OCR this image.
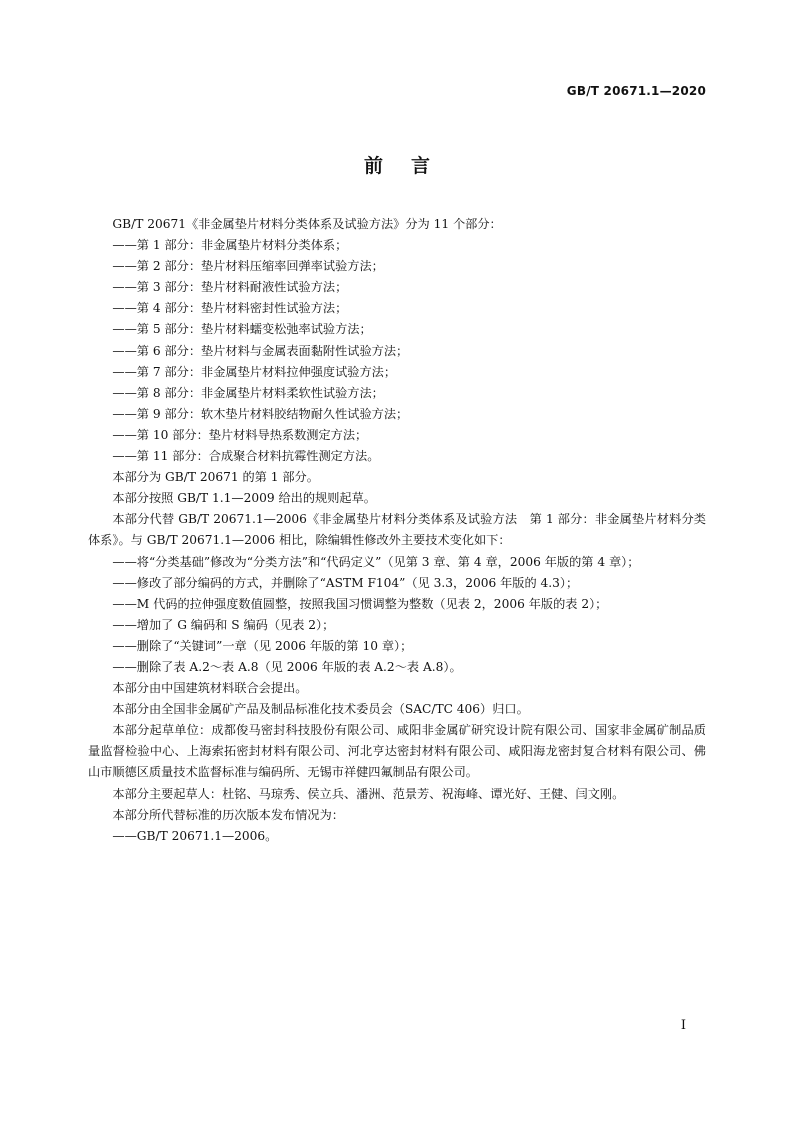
GB/T 20671.1—2020
前言

GB/T 20671《非金属垫片材料分类体系及试验方法》分为 11 个部分：

——第 1 部分：非金属垫片材料分类体系；

——第 2 部分：垫片材料压缩率回弹率试验方法；

——第 3 部分：垫片材料耐液性试验方法；

——第 4 部分：垫片材料密封性试验方法；

——第 5 部分：垫片材料蠕变松弛率试验方法；

——第 6 部分：垫片材料与金属表面黏附性试验方法；

——第 7 部分：非金属垫片材料拉伸强度试验方法；

——第 8 部分：非金属垫片材料柔软性试验方法；

——第 9 部分：软木垫片材料胶结物耐久性试验方法；

——第 10 部分：垫片材料导热系数测定方法；

——第 11 部分：合成聚合材料抗霉性测定方法。

本部分为 GB/T 20671 的第 1 部分。

本部分按照 GB/T 1.1—2009 给出的规则起草。

本部分代替 GB/T 20671.1—2006《非金属垫片材料分类体系及试验方法　第 1 部分：非金属垫片材料分类体系》。与 GB/T 20671.1—2006 相比，除编辑性修改外主要技术变化如下：

——将“分类基础”修改为“分类方法”和“代码定义”（见第 3 章、第 4 章，2006 年版的第 4 章）；

——修改了部分编码的方式，并删除了“ASTM F104”（见 3.3，2006 年版的 4.3）；

——M 代码的拉伸强度数值圆整，按照我国习惯调整为整数（见表 2，2006 年版的表 2）；

——增加了 G 编码和 S 编码（见表 2）；

——删除了“关键词”一章（见 2006 年版的第 10 章）；

——删除了表 A.2～表 A.8（见 2006 年版的表 A.2～表 A.8）。

本部分由中国建筑材料联合会提出。

本部分由全国非金属矿产品及制品标准化技术委员会（SAC/TC 406）归口。

本部分起草单位：成都俊马密封科技股份有限公司、咸阳非金属矿研究设计院有限公司、国家非金属矿制品质量监督检验中心、上海索拓密封材料有限公司、河北亨达密封材料有限公司、咸阳海龙密封复合材料有限公司、佛山市顺德区质量技术监督标准与编码所、无锡市祥健四氟制品有限公司。

本部分主要起草人：杜铭、马琼秀、侯立兵、潘洲、范景芳、祝海峰、谭光好、王健、闫文刚。

本部分所代替标准的历次版本发布情况为：

——GB/T 20671.1—2006。

I
